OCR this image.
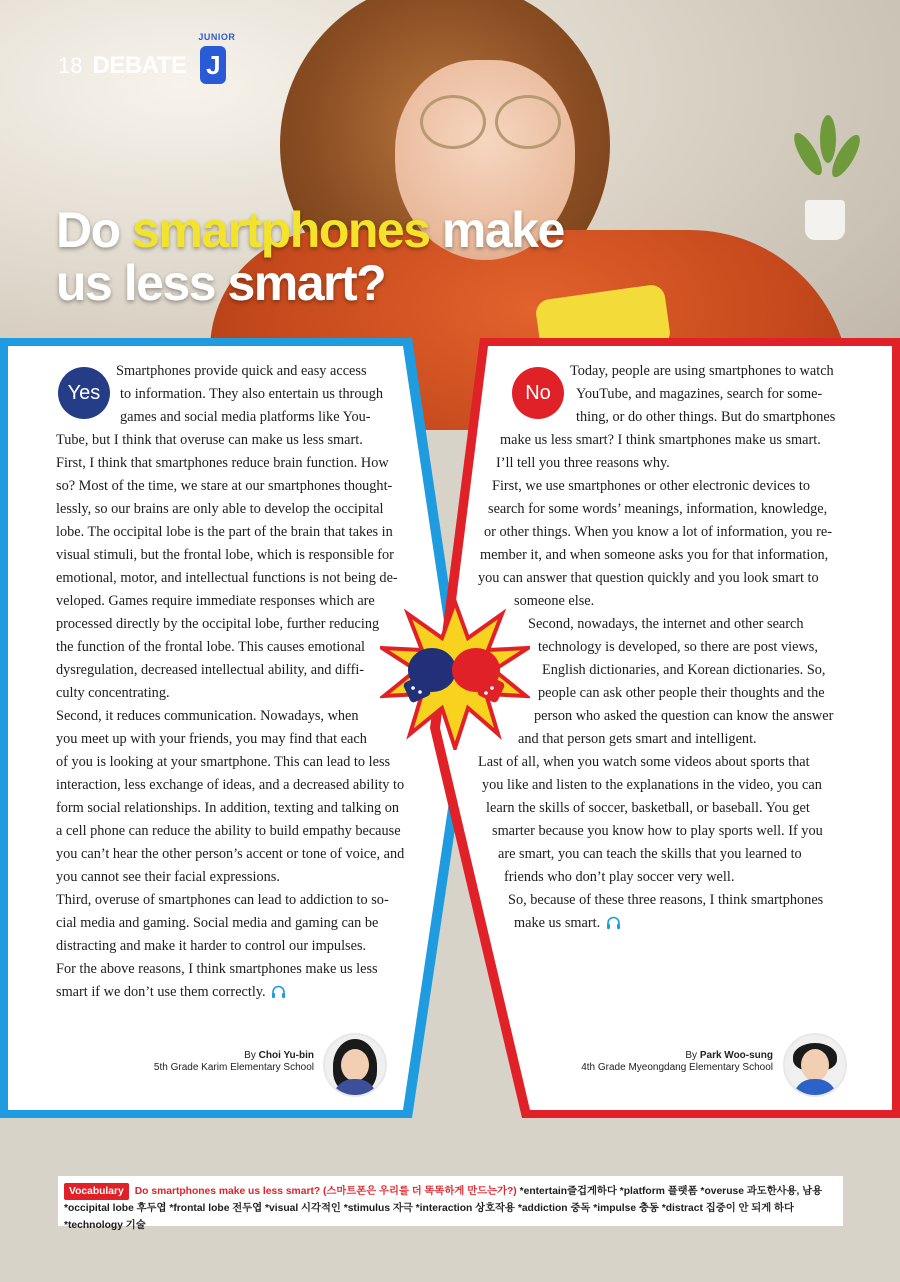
18 DEBATE
JUNIOR
J
Do smartphones make
us less smart?
Yes

Smartphones provide quick and easy access

to information. They also entertain us through

games and social media platforms like You-

Tube, but I think that overuse can make us less smart.

First, I think that smartphones reduce brain function. How

so? Most of the time, we stare at our smartphones thought-

lessly, so our brains are only able to develop the occipital

lobe. The occipital lobe is the part of the brain that takes in

visual stimuli, but the frontal lobe, which is responsible for

emotional, motor, and intellectual functions is not being de-

veloped. Games require immediate responses which are

processed directly by the occipital lobe, further reducing

the function of the frontal lobe. This causes emotional

dysregulation, decreased intellectual ability, and diffi-

culty concentrating.

Second, it reduces communication. Nowadays, when

you meet up with your friends, you may find that each

of you is looking at your smartphone. This can lead to less

interaction, less exchange of ideas, and a decreased ability to

form social relationships. In addition, texting and talking on

a cell phone can reduce the ability to build empathy because

you can’t hear the other person’s accent or tone of voice, and

you cannot see their facial expressions.

Third, overuse of smartphones can lead to addiction to so-

cial media and gaming. Social media and gaming can be

distracting and make it harder to control our impulses.

For the above reasons, I think smartphones make us less

smart if we don’t use them correctly.

No

Today, people are using smartphones to watch

YouTube, and magazines, search for some-

thing, or do other things. But do smartphones

make us less smart? I think smartphones make us smart.

I’ll tell you three reasons why.

First, we use smartphones or other electronic devices to

search for some words’ meanings, information, knowledge,

or other things. When you know a lot of information, you re-

member it, and when someone asks you for that information,

you can answer that question quickly and you look smart to

someone else.

Second, nowadays, the internet and other search

technology is developed, so there are post views,

English dictionaries, and Korean dictionaries. So,

people can ask other people their thoughts and the

person who asked the question can know the answer

and that person gets smart and intelligent.

Last of all, when you watch some videos about sports that

you like and listen to the explanations in the video, you can

learn the skills of soccer, basketball, or baseball. You get

smarter because you know how to play sports well. If you

are smart, you can teach the skills that you learned to

friends who don’t play soccer very well.

So, because of these three reasons, I think smartphones

make us smart.

By Choi Yu-bin
5th Grade Karim Elementary School
By Park Woo-sung
4th Grade Myeongdang Elementary School
Vocabulary Do smartphones make us less smart? (스마트폰은 우리를 더 똑똑하게 만드는가?) *entertain즐겁게하다 *platform 플랫폼 *overuse 과도한사용, 남용 *occipital lobe 후두엽 *frontal lobe 전두엽 *visual 시각적인 *stimulus 자극 *interaction 상호작용 *addiction 중독 *impulse 충동 *distract 집중이 안 되게 하다 *technology 기술
